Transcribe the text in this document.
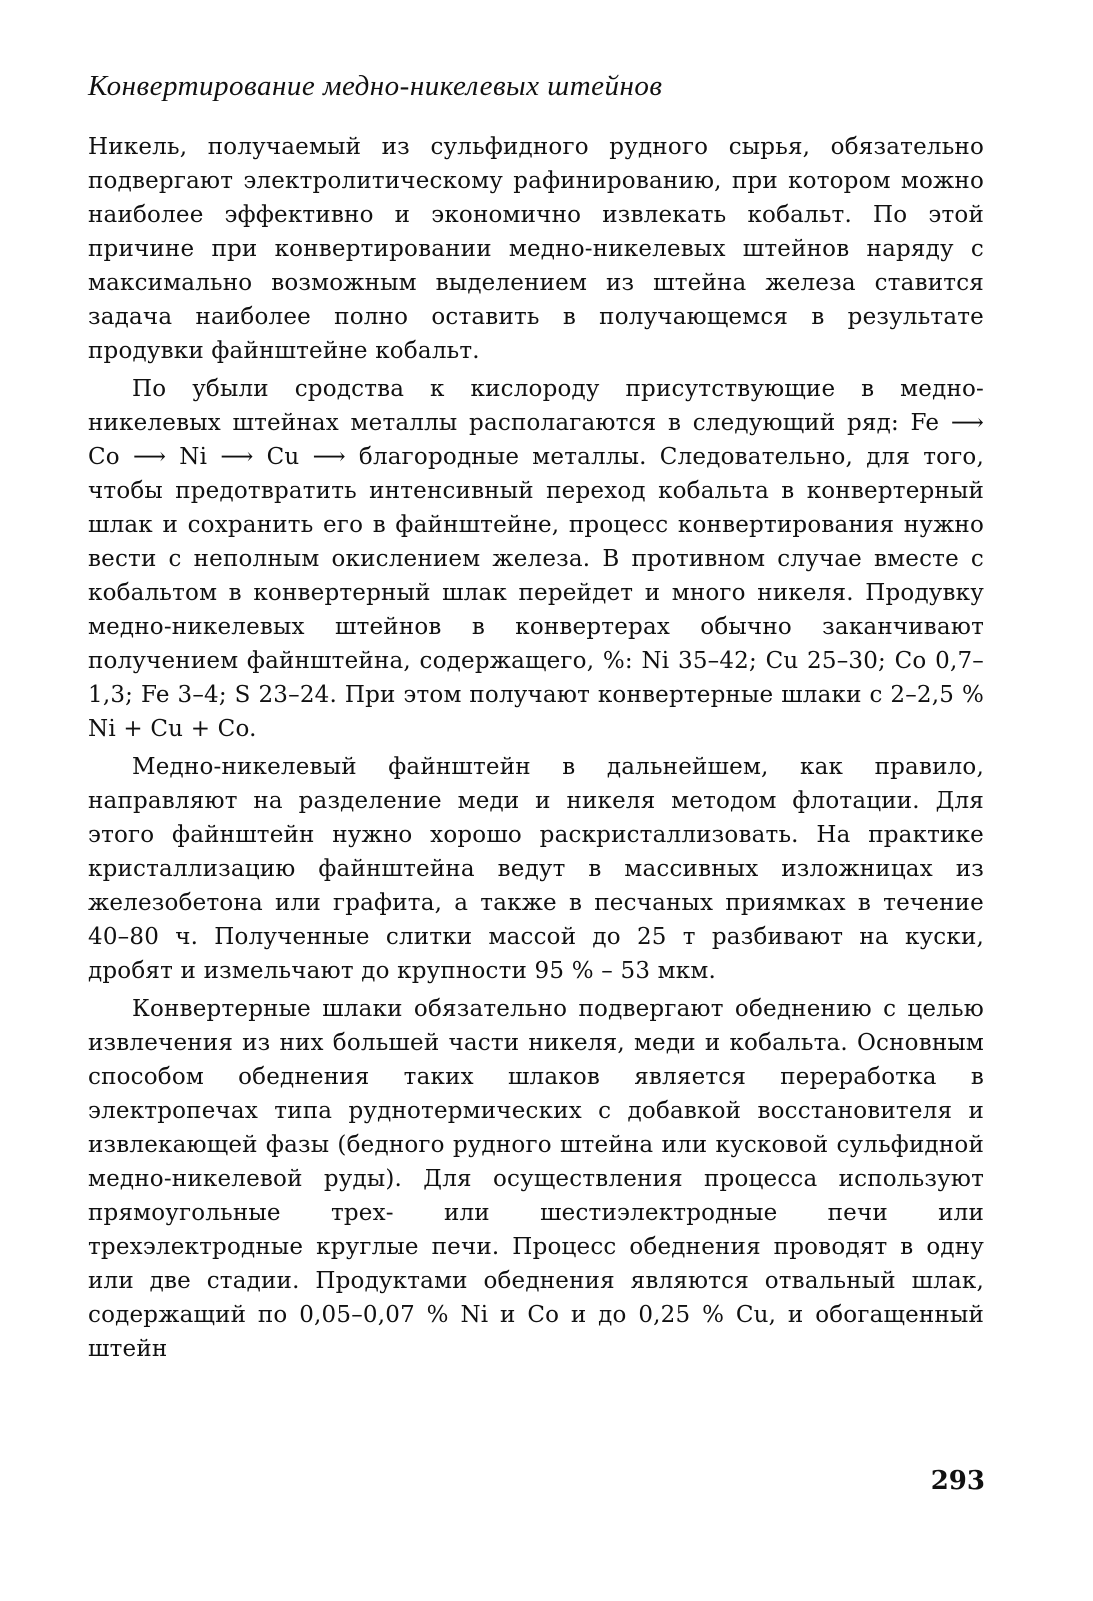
Конвертирование медно-никелевых штейнов

Никель, получаемый из сульфидного рудного сырья, обязательно подвергают электролитическому рафинированию, при котором можно наиболее эффективно и экономично извлекать кобальт. По этой причине при конвертировании медно-никелевых штейнов наряду с максимально возможным выделением из штейна железа ставится задача наиболее полно оставить в получающемся в результате продувки файнштейне кобальт.

По убыли сродства к кислороду присутствующие в медно-никелевых штейнах металлы располагаются в следующий ряд: Fe ⟶ Co ⟶ Ni ⟶ Cu ⟶ благородные металлы. Следовательно, для того, чтобы предотвратить интенсивный переход кобальта в конвертерный шлак и сохранить его в файнштейне, процесс конвертирования нужно вести с неполным окислением железа. В противном случае вместе с кобальтом в конвертерный шлак перейдет и много никеля. Продувку медно-никелевых штейнов в конвертерах обычно заканчивают получением файнштейна, содержащего, %: Ni 35–42; Cu 25–30; Co 0,7–1,3; Fe 3–4; S 23–24. При этом получают конвертерные шлаки с 2–2,5 % Ni + Cu + Co.

Медно-никелевый файнштейн в дальнейшем, как правило, направляют на разделение меди и никеля методом флотации. Для этого файнштейн нужно хорошо раскристаллизовать. На практике кристаллизацию файнштейна ведут в массивных изложницах из железобетона или графита, а также в песчаных приямках в течение 40–80 ч. Полученные слитки массой до 25 т разбивают на куски, дробят и измельчают до крупности 95 % – 53 мкм.

Конвертерные шлаки обязательно подвергают обеднению с целью извлечения из них большей части никеля, меди и кобальта. Основным способом обеднения таких шлаков является переработка в электропечах типа руднотермических с добавкой восстановителя и извлекающей фазы (бедного рудного штейна или кусковой сульфидной медно-никелевой руды). Для осуществления процесса используют прямоугольные трех- или шестиэлектродные печи или трехэлектродные круглые печи. Процесс обеднения проводят в одну или две стадии. Продуктами обеднения являются отвальный шлак, содержащий по 0,05–0,07 % Ni и Co и до 0,25 % Cu, и обогащенный штейн

293
